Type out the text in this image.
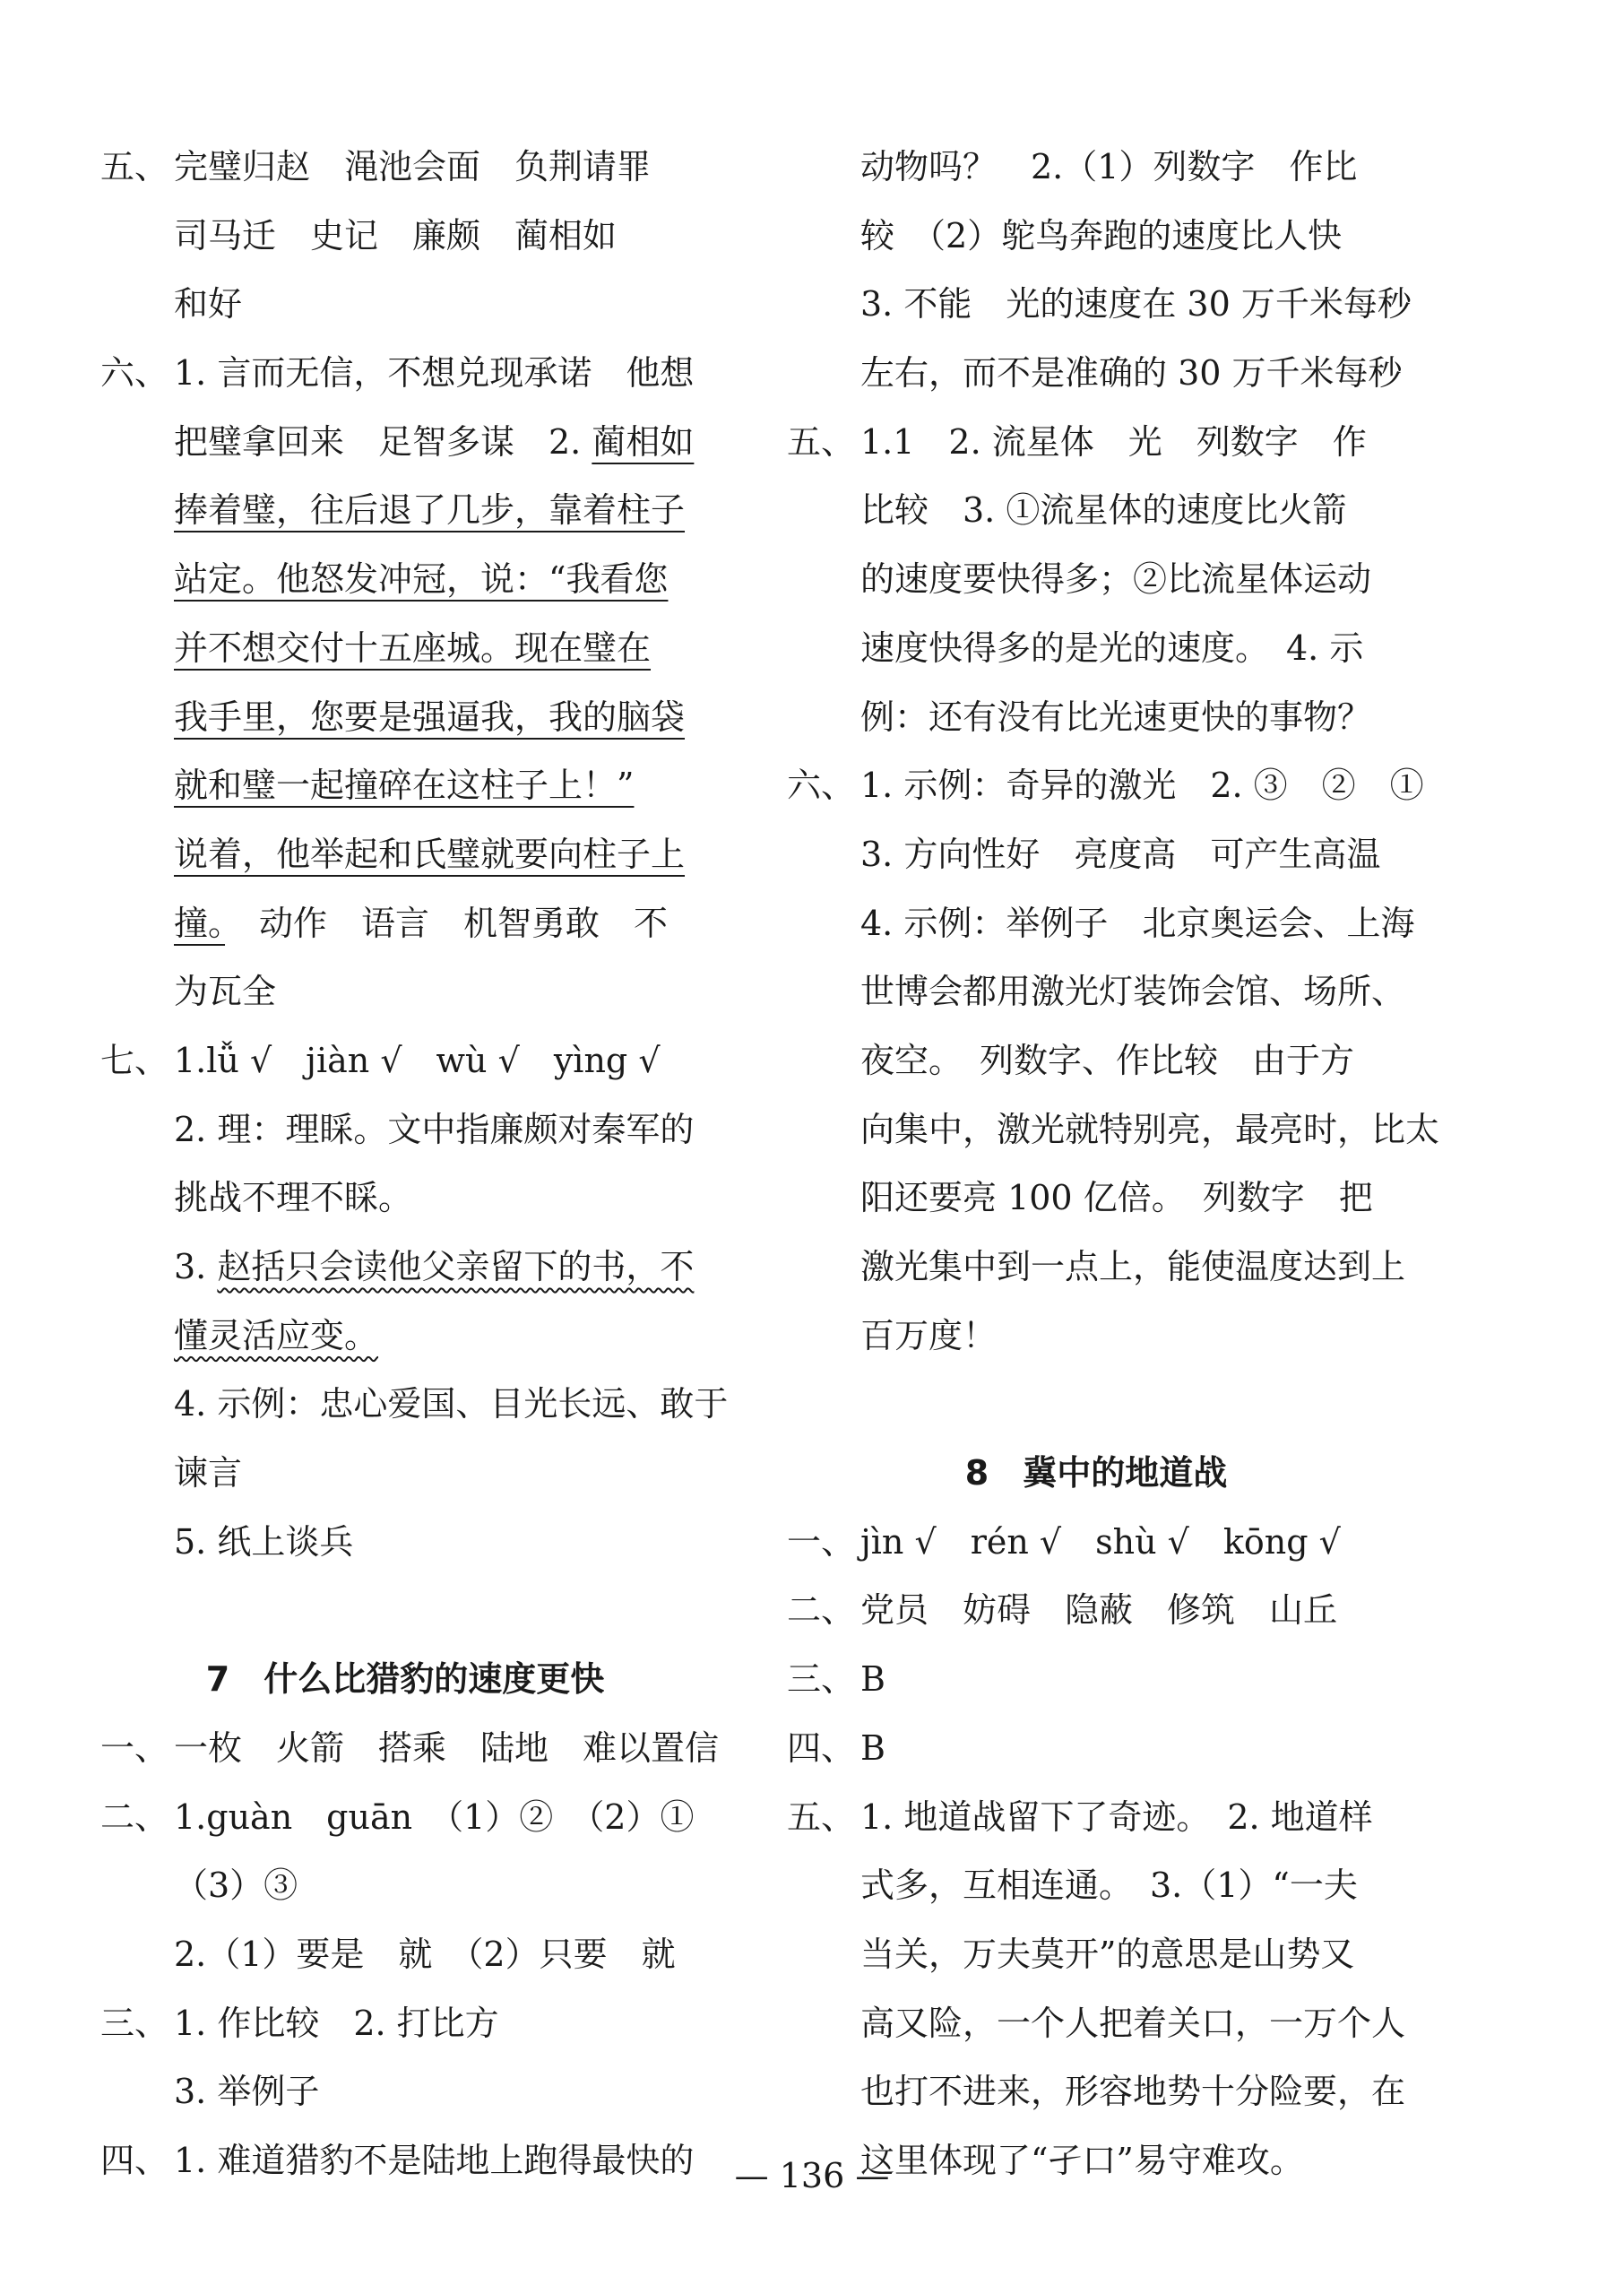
五、 完璧归赵　渑池会面　负荆请罪
司马迁　史记　廉颇　蔺相如
和好
六、 1. 言而无信，不想兑现承诺　他想
把璧拿回来　足智多谋　2. 蔺相如
捧着璧，往后退了几步，靠着柱子
站定。他怒发冲冠，说：“我看您
并不想交付十五座城。现在璧在
我手里，您要是强逼我，我的脑袋
就和璧一起撞碎在这柱子上！”
说着，他举起和氏璧就要向柱子上
撞。　动作　语言　机智勇敢　不
为瓦全
七、 1.lǚ √　jiàn √　wù √　yìng √
2. 理：理睬。文中指廉颇对秦军的
挑战不理不睬。
3. 赵括只会读他父亲留下的书，不
懂灵活应变。
4. 示例：忠心爱国、目光长远、敢于
谏言
5. 纸上谈兵
7　什么比猎豹的速度更快
一、 一枚　火箭　搭乘　陆地　难以置信
二、 1.guàn　guān　（1）②　（2）①
（3）③
2.（1）要是　就　（2）只要　就
三、 1. 作比较　2. 打比方
3. 举例子
四、 1. 难道猎豹不是陆地上跑得最快的
动物吗？　2.（1）列数字　作比
较　（2）鸵鸟奔跑的速度比人快
3. 不能　光的速度在 30 万千米每秒
左右，而不是准确的 30 万千米每秒
五、 1.1　2. 流星体　光　列数字　作
比较　3. ①流星体的速度比火箭
的速度要快得多；②比流星体运动
速度快得多的是光的速度。　4. 示
例：还有没有比光速更快的事物？
六、 1. 示例：奇异的激光　2. ③　②　①
3. 方向性好　亮度高　可产生高温
4. 示例：举例子　北京奥运会、上海
世博会都用激光灯装饰会馆、场所、
夜空。　列数字、作比较　由于方
向集中，激光就特别亮，最亮时，比太
阳还要亮 100 亿倍。　列数字　把
激光集中到一点上，能使温度达到上
百万度！
8　冀中的地道战
一、 jìn √　rén √　shù √　kōng √
二、 党员　妨碍　隐蔽　修筑　山丘
三、 B
四、 B
五、 1. 地道战留下了奇迹。　2. 地道样
式多，互相连通。　3.（1）“一夫
当关，万夫莫开”的意思是山势又
高又险，一个人把着关口，一万个人
也打不进来，形容地势十分险要，在
这里体现了“孑口”易守难攻。
— 136 —
